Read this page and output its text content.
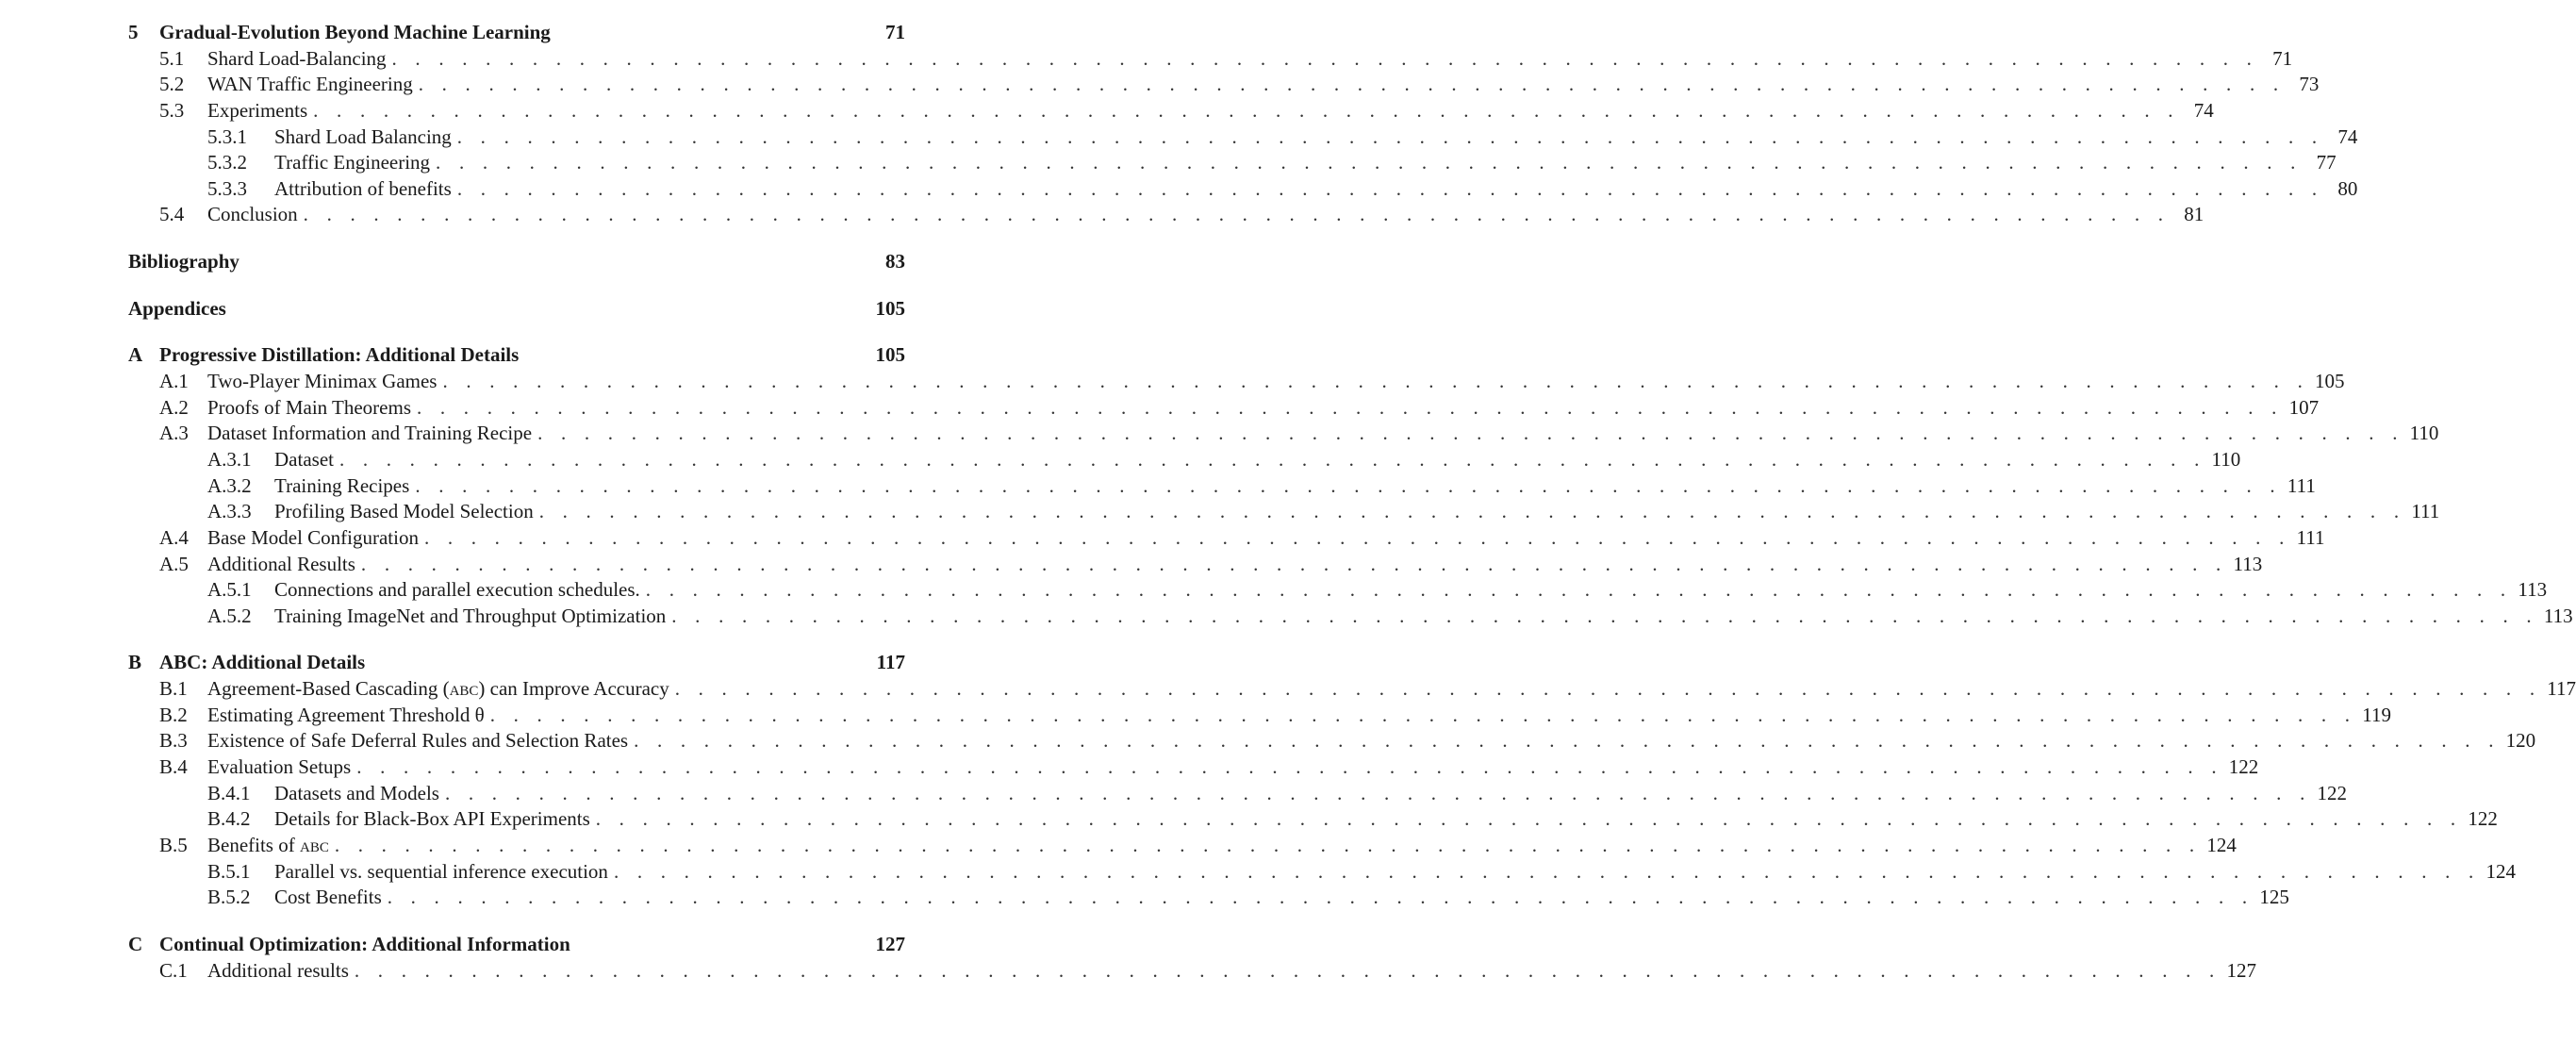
5	Gradual-Evolution Beyond Machine Learning	71
5.1	Shard Load-Balancing . . . . . . . . . . . . . . . . . . . . . . . . . . . . . . . . . . . . . . . . . . . . . . . . . . . . . . . . . . . . . . . . . . . . . . . . . . . . . . . . 71
5.2	WAN Traffic Engineering . . . . . . . . . . . . . . . . . . . . . . . . . . . . . . . . . . . . . . . . . . . . . . . . . . . . . . . . . . . . . . . . . . . . . . . . . . . . . . . . 73
5.3	Experiments . . . . . . . . . . . . . . . . . . . . . . . . . . . . . . . . . . . . . . . . . . . . . . . . . . . . . . . . . . . . . . . . . . . . . . . . . . . . . . . . 74
5.3.1	Shard Load Balancing . . . . . . . . . . . . . . . . . . . . . . . . . . . . . . . . . . . . . . . . . . . . . . . . . . . . . . . . . . . . . . . . . . . . . . . . . . . . . . . . 74
5.3.2	Traffic Engineering . . . . . . . . . . . . . . . . . . . . . . . . . . . . . . . . . . . . . . . . . . . . . . . . . . . . . . . . . . . . . . . . . . . . . . . . . . . . . . . . 77
5.3.3	Attribution of benefits . . . . . . . . . . . . . . . . . . . . . . . . . . . . . . . . . . . . . . . . . . . . . . . . . . . . . . . . . . . . . . . . . . . . . . . . . . . . . . . . 80
5.4	Conclusion . . . . . . . . . . . . . . . . . . . . . . . . . . . . . . . . . . . . . . . . . . . . . . . . . . . . . . . . . . . . . . . . . . . . . . . . . . . . . . . . 81
Bibliography	83
Appendices	105
A Progressive Distillation: Additional Details	105
A.1 Two-Player Minimax Games . . . . . . . . . . . . . . . . . . . . . . . . . . . . . . . . . . . . . . . . . . . . . . . . . . . . . . . . . . . . . . . . . . . . . . . . . . . . . . . . 105
A.2 Proofs of Main Theorems . . . . . . . . . . . . . . . . . . . . . . . . . . . . . . . . . . . . . . . . . . . . . . . . . . . . . . . . . . . . . . . . . . . . . . . . . . . . . . . . 107
A.3 Dataset Information and Training Recipe . . . . . . . . . . . . . . . . . . . . . . . . . . . . . . . . . . . . . . . . . . . . . . . . . . . . . . . . . . . . . . . . . . . . . . . . . . . . . . . . 110
A.3.1	Dataset . . . . . . . . . . . . . . . . . . . . . . . . . . . . . . . . . . . . . . . . . . . . . . . . . . . . . . . . . . . . . . . . . . . . . . . . . . . . . . . . 110
A.3.2	Training Recipes . . . . . . . . . . . . . . . . . . . . . . . . . . . . . . . . . . . . . . . . . . . . . . . . . . . . . . . . . . . . . . . . . . . . . . . . . . . . . . . . 111
A.3.3	Profiling Based Model Selection . . . . . . . . . . . . . . . . . . . . . . . . . . . . . . . . . . . . . . . . . . . . . . . . . . . . . . . . . . . . . . . . . . . . . . . . . . . . . . . . 111
A.4 Base Model Configuration . . . . . . . . . . . . . . . . . . . . . . . . . . . . . . . . . . . . . . . . . . . . . . . . . . . . . . . . . . . . . . . . . . . . . . . . . . . . . . . . 111
A.5 Additional Results . . . . . . . . . . . . . . . . . . . . . . . . . . . . . . . . . . . . . . . . . . . . . . . . . . . . . . . . . . . . . . . . . . . . . . . . . . . . . . . . 113
A.5.1	Connections and parallel execution schedules. . . . . . . . . . . . . . . . . . . . . . . . . . . . . . . . . . . . . . . . . . . . . . . . . . . . . . . . . . . . . . . . . . . . . . . . . . . . . . . . . 113
A.5.2	Training ImageNet and Throughput Optimization . . . . . . . . . . . . . . . . . . . . . . . . . . . . . . . . . . . . . . . . . . . . . . . . . . . . . . . . . . . . . . . . . . . . . . . . . . . . . . . . 113
B ABC: Additional Details	117
B.1	Agreement-Based Cascading (abc) can Improve Accuracy . . . . . . . . . . . . . . . . . . . . . . . . . . . . . . . . . . . . . . . . . . . . . . . . . . . . . . . . . . . . . . . . . . . . . . . . . . . . . . . . 117
B.2	Estimating Agreement Threshold θ . . . . . . . . . . . . . . . . . . . . . . . . . . . . . . . . . . . . . . . . . . . . . . . . . . . . . . . . . . . . . . . . . . . . . . . . . . . . . . . . 119
B.3	Existence of Safe Deferral Rules and Selection Rates . . . . . . . . . . . . . . . . . . . . . . . . . . . . . . . . . . . . . . . . . . . . . . . . . . . . . . . . . . . . . . . . . . . . . . . . . . . . . . . . 120
B.4	Evaluation Setups . . . . . . . . . . . . . . . . . . . . . . . . . . . . . . . . . . . . . . . . . . . . . . . . . . . . . . . . . . . . . . . . . . . . . . . . . . . . . . . . 122
B.4.1	Datasets and Models . . . . . . . . . . . . . . . . . . . . . . . . . . . . . . . . . . . . . . . . . . . . . . . . . . . . . . . . . . . . . . . . . . . . . . . . . . . . . . . . 122
B.4.2	Details for Black-Box API Experiments . . . . . . . . . . . . . . . . . . . . . . . . . . . . . . . . . . . . . . . . . . . . . . . . . . . . . . . . . . . . . . . . . . . . . . . . . . . . . . . . 122
B.5	Benefits of abc . . . . . . . . . . . . . . . . . . . . . . . . . . . . . . . . . . . . . . . . . . . . . . . . . . . . . . . . . . . . . . . . . . . . . . . . . . . . . . . . 124
B.5.1	Parallel vs. sequential inference execution . . . . . . . . . . . . . . . . . . . . . . . . . . . . . . . . . . . . . . . . . . . . . . . . . . . . . . . . . . . . . . . . . . . . . . . . . . . . . . . . 124
B.5.2	Cost Benefits . . . . . . . . . . . . . . . . . . . . . . . . . . . . . . . . . . . . . . . . . . . . . . . . . . . . . . . . . . . . . . . . . . . . . . . . . . . . . . . . 125
C Continual Optimization: Additional Information	127
C.1	Additional results . . . . . . . . . . . . . . . . . . . . . . . . . . . . . . . . . . . . . . . . . . . . . . . . . . . . . . . . . . . . . . . . . . . . . . . . . . . . . . . . 127
